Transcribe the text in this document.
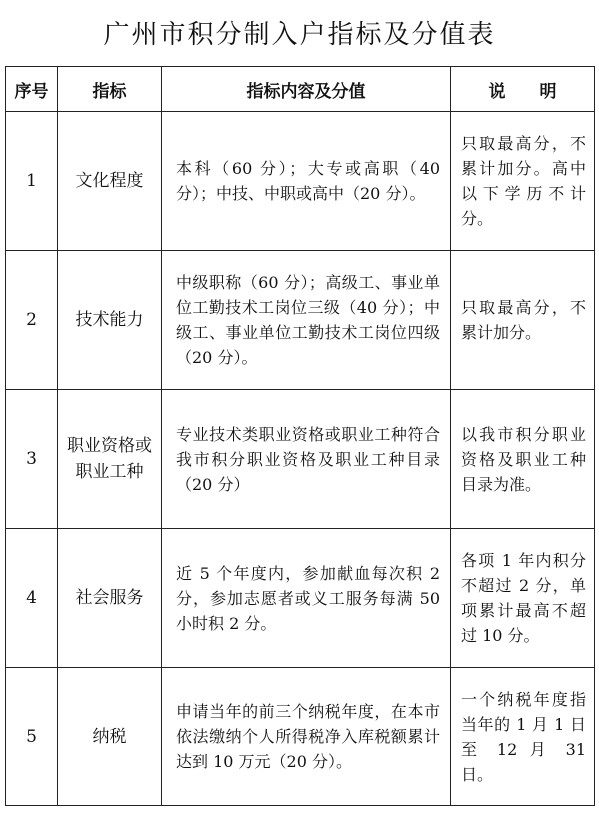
广州市积分制入户指标及分值表
序号	指标	指标内容及分值	说　　明
1	文化程度	本科（60 分）；大专或高职（40 分）；中技、中职或高中（20 分）。	只取最高分，不累计加分。高中以下学历不计分。
2	技术能力	中级职称（60 分）；高级工、事业单位工勤技术工岗位三级（40 分）；中级工、事业单位工勤技术工岗位四级（20 分）。	只取最高分，不累计加分。
3	职业资格或职业工种	专业技术类职业资格或职业工种符合我市积分职业资格及职业工种目录（20 分）	以我市积分职业资格及职业工种目录为准。
4	社会服务	近 5 个年度内，参加献血每次积 2 分，参加志愿者或义工服务每满 50 小时积 2 分。	各项 1 年内积分不超过 2 分，单项累计最高不超过 10 分。
5	纳税	申请当年的前三个纳税年度，在本市依法缴纳个人所得税净入库税额累计达到 10 万元（20 分）。	一个纳税年度指当年的 1 月 1 日至 12 月 31 日。
